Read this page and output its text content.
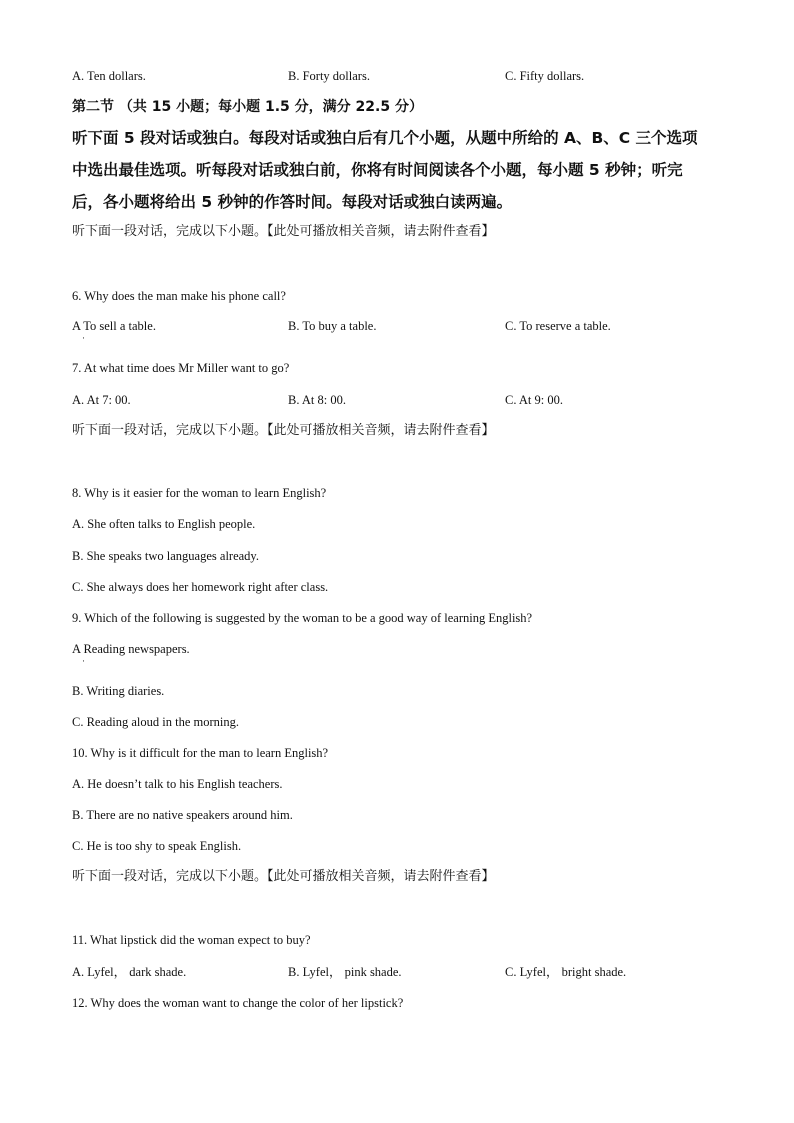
A. Ten dollars.	B. Forty dollars.	C. Fifty dollars.
第二节 （共 15 小题；每小题 1.5 分，满分 22.5 分）
听下面 5 段对话或独白。每段对话或独白后有几个小题，从题中所给的 A、B、C 三个选项
中选出最佳选项。听每段对话或独白前，你将有时间阅读各个小题，每小题 5 秒钟；听完
后，各小题将给出 5 秒钟的作答时间。每段对话或独白读两遍。
听下面一段对话，完成以下小题。【此处可播放相关音频，请去附件查看】
6. Why does the man make his phone call?
A To sell a table.	B. To buy a table.	C. To reserve a table.
·
7. At what time does Mr Miller want to go?
A. At 7: 00.	B. At 8: 00.	C. At 9: 00.
听下面一段对话，完成以下小题。【此处可播放相关音频，请去附件查看】
8. Why is it easier for the woman to learn English?
A. She often talks to English people.
B. She speaks two languages already.
C. She always does her homework right after class.
9. Which of the following is suggested by the woman to be a good way of learning English?
A Reading newspapers.
·
B. Writing diaries.
C. Reading aloud in the morning.
10. Why is it difficult for the man to learn English?
A. He doesn’t talk to his English teachers.
B. There are no native speakers around him.
C. He is too shy to speak English.
听下面一段对话，完成以下小题。【此处可播放相关音频，请去附件查看】
11. What lipstick did the woman expect to buy?
A. Lyfel， dark shade.	B. Lyfel， pink shade.	C. Lyfel， bright shade.
12. Why does the woman want to change the color of her lipstick?
